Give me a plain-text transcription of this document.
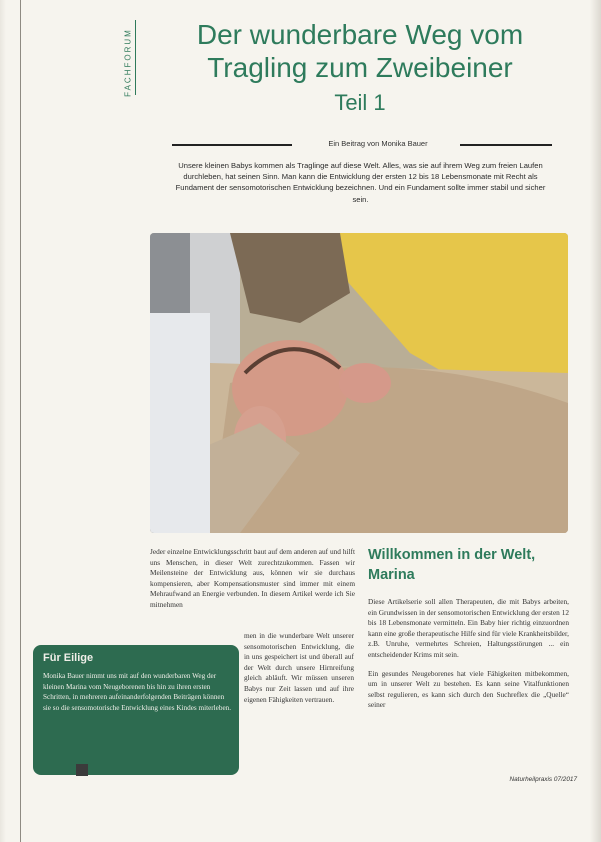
FACHFORUM	Der wunderbare Weg vom Tragling zum Zweibeiner
Teil 1
Ein Beitrag von Monika Bauer
Unsere kleinen Babys kommen als Traglinge auf diese Welt. Alles, was sie auf ihrem Weg zum freien Laufen durchleben, hat seinen Sinn. Man kann die Entwicklung der ersten 12 bis 18 Lebensmonate mit Recht als Fundament der sensomotorischen Entwicklung bezeichnen. Und ein Fundament sollte immer stabil und sicher sein.
Jeder einzelne Entwicklungsschritt baut auf dem anderen auf und hilft uns Menschen, in dieser Welt zurechtzukommen. Fassen wir Meilensteine der Entwicklung aus, können wir sie durchaus kompensieren, aber Kompensationsmuster sind immer mit einem Mehraufwand an Energie verbunden. In diesem Artikel werde ich Sie mitnehmen
men in die wunderbare Welt unserer sensomotorischen Entwicklung, die in uns gespeichert ist und überall auf der Welt durch unsere Hirnreifung gleich abläuft. Wir müssen unseren Babys nur Zeit lassen und auf ihre eigenen Fähigkeiten vertrauen.
Willkommen in der Welt, Marina

Diese Artikelserie soll allen Therapeuten, die mit Babys arbeiten, ein Grundwissen in der sensomotorischen Entwicklung der ersten 12 bis 18 Lebensmonate vermitteln. Ein Baby hier richtig einzuordnen kann eine große therapeutische Hilfe sind für viele Krankheitsbilder, z.B. Unruhe, vermehrtes Schreien, Haltungsstörungen ... ein entscheidender Krims mit sein.

Ein gesundes Neugeborenes hat viele Fähigkeiten mitbekommen, um in unserer Welt zu bestehen. Es kann seine Vitalfunktionen selbst regulieren, es kann sich durch den Suchreflex die „Quelle“ seiner

Für Eilige
Monika Bauer nimmt uns mit auf den wunderbaren Weg der kleinen Marina vom Neugeborenen bis hin zu ihren ersten Schritten, in mehreren aufeinanderfolgenden Beiträgen können sie so die sensomotorische Entwicklung eines Kindes miterleben.
Naturheilpraxis 07/2017
